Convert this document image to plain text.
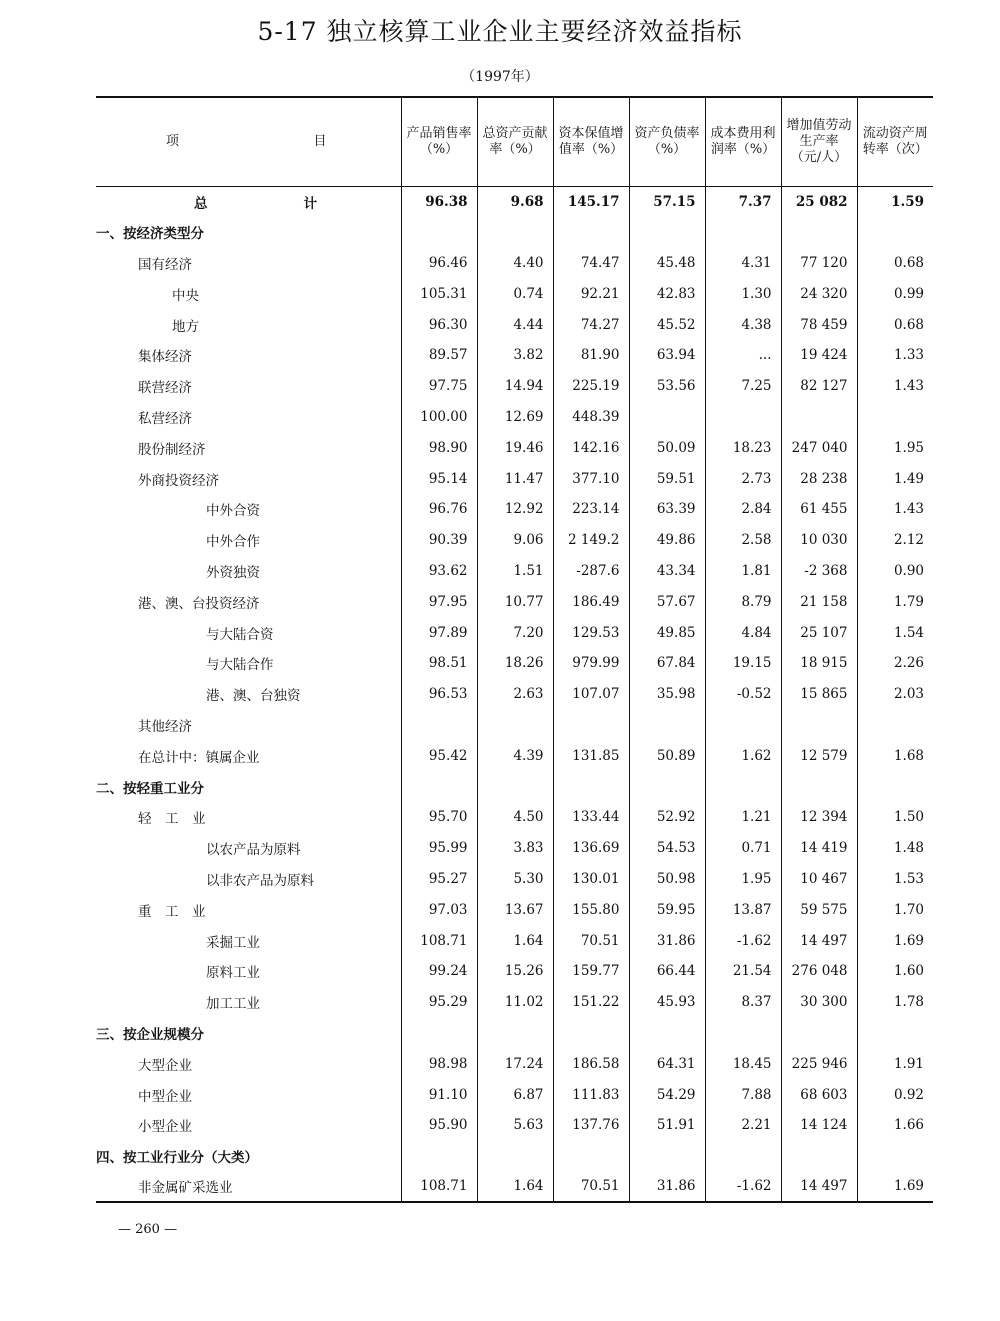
5-17 独立核算工业企业主要经济效益指标
（1997年）
项 目	产品销售率（%）	总资产贡献率（%）	资本保值增值率（%）	资产负债率（%）	成本费用利润率（%）	增加值劳动生产率（元/人）	流动资产周转率（次）
总 计	96.38	9.68	145.17	57.15	7.37	25 082	1.59
一、按经济类型分							
国有经济	96.46	4.40	74.47	45.48	4.31	77 120	0.68
中央	105.31	0.74	92.21	42.83	1.30	24 320	0.99
地方	96.30	4.44	74.27	45.52	4.38	78 459	0.68
集体经济	89.57	3.82	81.90	63.94	...	19 424	1.33
联营经济	97.75	14.94	225.19	53.56	7.25	82 127	1.43
私营经济	100.00	12.69	448.39				
股份制经济	98.90	19.46	142.16	50.09	18.23	247 040	1.95
外商投资经济	95.14	11.47	377.10	59.51	2.73	28 238	1.49
中外合资	96.76	12.92	223.14	63.39	2.84	61 455	1.43
中外合作	90.39	9.06	2 149.2	49.86	2.58	10 030	2.12
外资独资	93.62	1.51	-287.6	43.34	1.81	-2 368	0.90
港、澳、台投资经济	97.95	10.77	186.49	57.67	8.79	21 158	1.79
与大陆合资	97.89	7.20	129.53	49.85	4.84	25 107	1.54
与大陆合作	98.51	18.26	979.99	67.84	19.15	18 915	2.26
港、澳、台独资	96.53	2.63	107.07	35.98	-0.52	15 865	2.03
其他经济							
在总计中：镇属企业	95.42	4.39	131.85	50.89	1.62	12 579	1.68
二、按轻重工业分							
轻　工　业	95.70	4.50	133.44	52.92	1.21	12 394	1.50
以农产品为原料	95.99	3.83	136.69	54.53	0.71	14 419	1.48
以非农产品为原料	95.27	5.30	130.01	50.98	1.95	10 467	1.53
重　工　业	97.03	13.67	155.80	59.95	13.87	59 575	1.70
采掘工业	108.71	1.64	70.51	31.86	-1.62	14 497	1.69
原料工业	99.24	15.26	159.77	66.44	21.54	276 048	1.60
加工工业	95.29	11.02	151.22	45.93	8.37	30 300	1.78
三、按企业规模分							
大型企业	98.98	17.24	186.58	64.31	18.45	225 946	1.91
中型企业	91.10	6.87	111.83	54.29	7.88	68 603	0.92
小型企业	95.90	5.63	137.76	51.91	2.21	14 124	1.66
四、按工业行业分（大类）							
非金属矿采选业	108.71	1.64	70.51	31.86	-1.62	14 497	1.69
— 260 —
